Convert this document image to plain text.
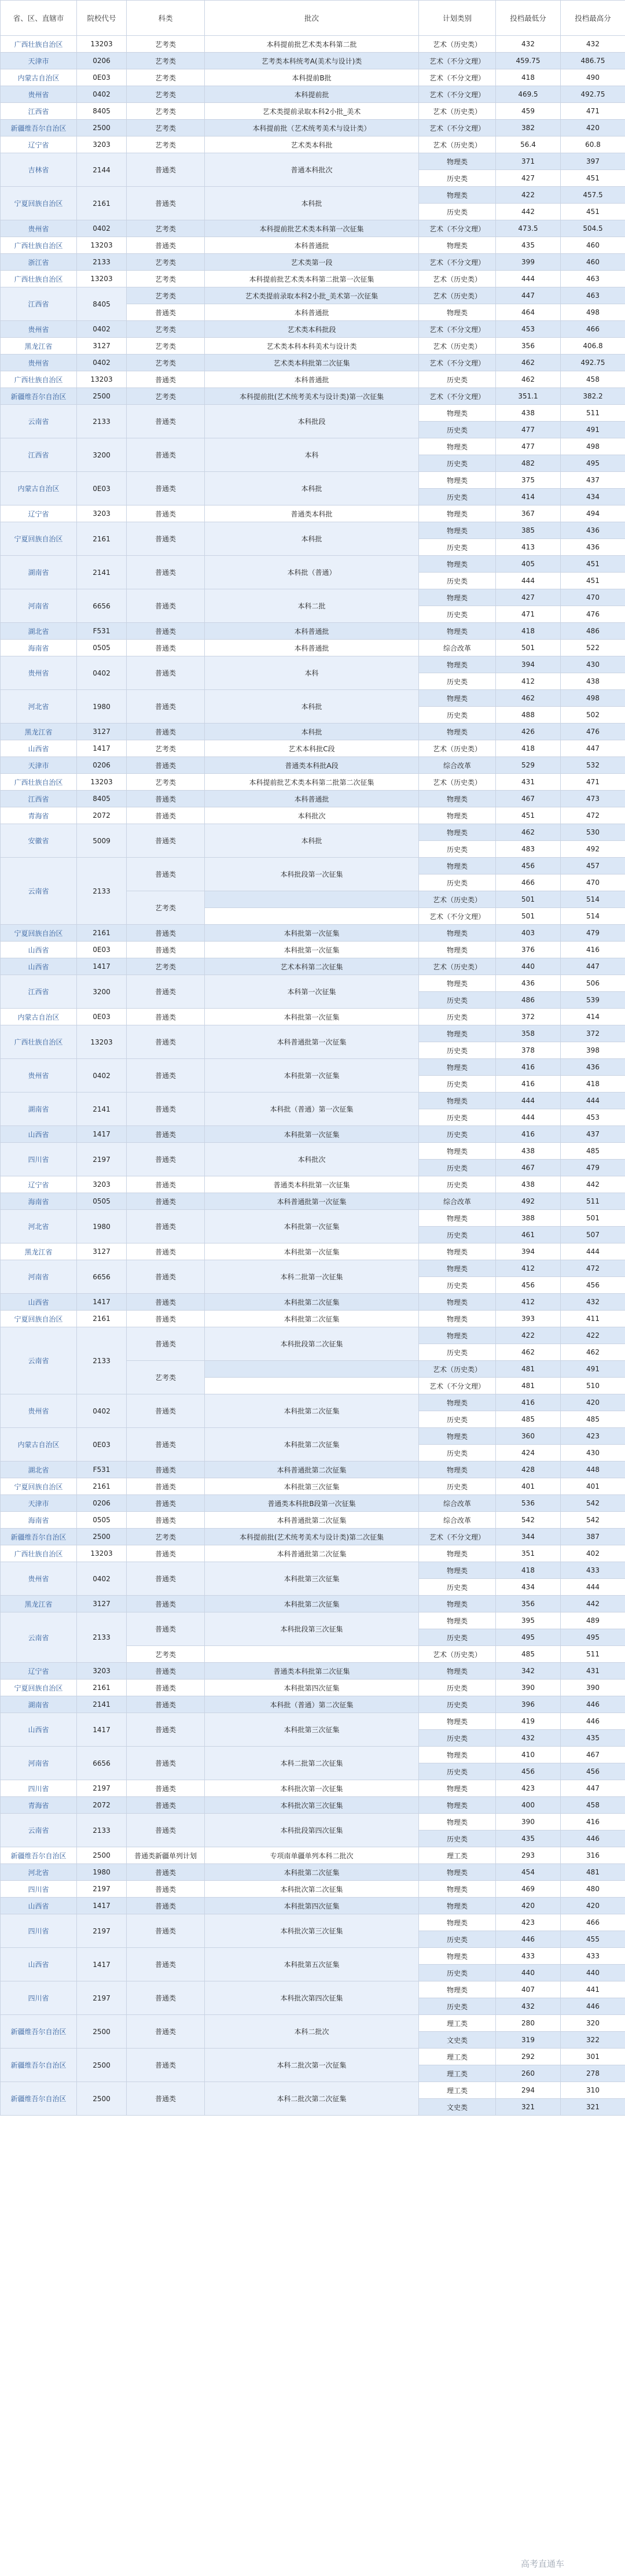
省、区、直辖市	院校代号	科类	批次	计划类别	投档最低分	投档最高分
广西壮族自治区	13203	艺考类	本科提前批艺术类本科第二批	艺术（历史类）	432	432
天津市	0206	艺考类	艺考类本科统考A(美术与设计)类	艺术（不分文理）	459.75	486.75
内蒙古自治区	0E03	艺考类	本科提前B批	艺术（不分文理）	418	490
贵州省	0402	艺考类	本科提前批	艺术（不分文理）	469.5	492.75
江西省	8405	艺考类	艺术类提前录取本科2小批_美术	艺术（历史类）	459	471
新疆维吾尔自治区	2500	艺考类	本科提前批（艺术统考美术与设计类）	艺术（不分文理）	382	420
辽宁省	3203	艺考类	艺术类本科批	艺术（历史类）	56.4	60.8
吉林省	2144	普通类	普通本科批次	物理类	371	397
				历史类	427	451
宁夏回族自治区	2161	普通类	本科批	物理类	422	457.5
				历史类	442	451
贵州省	0402	艺考类	本科提前批艺术类本科第一次征集	艺术（不分文理）	473.5	504.5
广西壮族自治区	13203	普通类	本科普通批	物理类	435	460
浙江省	2133	艺考类	艺术类第一段	艺术（不分文理）	399	460
广西壮族自治区	13203	艺考类	本科提前批艺术类本科第二批第一次征集	艺术（历史类）	444	463
江西省	8405	艺考类	艺术类提前录取本科2小批_美术第一次征集	艺术（历史类）	447	463
		普通类	本科普通批	物理类	464	498
贵州省	0402	艺考类	艺术类本科批段	艺术（不分文理）	453	466
黑龙江省	3127	艺考类	艺术类本科本科美术与设计类	艺术（历史类）	356	406.8
贵州省	0402	艺考类	艺术类本科批第二次征集	艺术（不分文理）	462	492.75
广西壮族自治区	13203	普通类	本科普通批	历史类	462	458
新疆维吾尔自治区	2500	艺考类	本科提前批(艺术统考美术与设计类)第一次征集	艺术（不分文理）	351.1	382.2
云南省	2133	普通类	本科批段	物理类	438	511
				历史类	477	491
江西省	3200	普通类	本科	物理类	477	498
				历史类	482	495
内蒙古自治区	0E03	普通类	本科批	物理类	375	437
				历史类	414	434
辽宁省	3203	普通类	普通类本科批	物理类	367	494
宁夏回族自治区	2161	普通类	本科批	物理类	385	436
				历史类	413	436
湖南省	2141	普通类	本科批（普通）	物理类	405	451
				历史类	444	451
河南省	6656	普通类	本科二批	物理类	427	470
				历史类	471	476
湖北省	F531	普通类	本科普通批	物理类	418	486
海南省	0505	普通类	本科普通批	综合改革	501	522
贵州省	0402	普通类	本科	物理类	394	430
				历史类	412	438
河北省	1980	普通类	本科批	物理类	462	498
				历史类	488	502
黑龙江省	3127	普通类	本科批	物理类	426	476
山西省	1417	艺考类	艺术本科批C段	艺术（历史类）	418	447
天津市	0206	普通类	普通类本科批A段	综合改革	529	532
广西壮族自治区	13203	艺考类	本科提前批艺术类本科第二批第二次征集	艺术（历史类）	431	471
江西省	8405	普通类	本科普通批	物理类	467	473
青海省	2072	普通类	本科批次	物理类	451	472
安徽省	5009	普通类	本科批	物理类	462	530
				历史类	483	492
云南省	2133	普通类	本科批段第一次征集	物理类	456	457
				历史类	466	470
		艺考类		艺术（历史类）	501	514
				艺术（不分文理）	501	514
宁夏回族自治区	2161	普通类	本科批第一次征集	物理类	403	479
山西省	0E03	普通类	本科批第一次征集	物理类	376	416
山西省	1417	艺考类	艺术本科第二次征集	艺术（历史类）	440	447
江西省	3200	普通类	本科第一次征集	物理类	436	506
				历史类	486	539
内蒙古自治区	0E03	普通类	本科批第一次征集	历史类	372	414
广西壮族自治区	13203	普通类	本科普通批第一次征集	物理类	358	372
				历史类	378	398
贵州省	0402	普通类	本科批第一次征集	物理类	416	436
				历史类	416	418
湖南省	2141	普通类	本科批（普通）第一次征集	物理类	444	444
				历史类	444	453
山西省	1417	普通类	本科批第一次征集	历史类	416	437
四川省	2197	普通类	本科批次	物理类	438	485
				历史类	467	479
辽宁省	3203	普通类	普通类本科批第一次征集	历史类	438	442
海南省	0505	普通类	本科普通批第一次征集	综合改革	492	511
河北省	1980	普通类	本科批第一次征集	物理类	388	501
				历史类	461	507
黑龙江省	3127	普通类	本科批第一次征集	物理类	394	444
河南省	6656	普通类	本科二批第一次征集	物理类	412	472
				历史类	456	456
山西省	1417	普通类	本科批第二次征集	物理类	412	432
宁夏回族自治区	2161	普通类	本科批第二次征集	物理类	393	411
云南省	2133	普通类	本科批段第二次征集	物理类	422	422
				历史类	462	462
		艺考类		艺术（历史类）	481	491
				艺术（不分文理）	481	510
贵州省	0402	普通类	本科批第二次征集	物理类	416	420
				历史类	485	485
内蒙古自治区	0E03	普通类	本科批第二次征集	物理类	360	423
				历史类	424	430
湖北省	F531	普通类	本科普通批第二次征集	物理类	428	448
宁夏回族自治区	2161	普通类	本科批第三次征集	历史类	401	401
天津市	0206	普通类	普通类本科批B段第一次征集	综合改革	536	542
海南省	0505	普通类	本科普通批第二次征集	综合改革	542	542
新疆维吾尔自治区	2500	艺考类	本科提前批(艺术统考美术与设计类)第二次征集	艺术（不分文理）	344	387
广西壮族自治区	13203	普通类	本科普通批第二次征集	物理类	351	402
贵州省	0402	普通类	本科批第三次征集	物理类	418	433
				历史类	434	444
黑龙江省	3127	普通类	本科批第二次征集	物理类	356	442
云南省	2133	普通类	本科批段第三次征集	物理类	395	489
				历史类	495	495
		艺考类		艺术（历史类）	485	511
辽宁省	3203	普通类	普通类本科批第二次征集	物理类	342	431
宁夏回族自治区	2161	普通类	本科批第四次征集	历史类	390	390
湖南省	2141	普通类	本科批（普通）第二次征集	历史类	396	446
山西省	1417	普通类	本科批第三次征集	物理类	419	446
				历史类	432	435
河南省	6656	普通类	本科二批第二次征集	物理类	410	467
				历史类	456	456
四川省	2197	普通类	本科批次第一次征集	物理类	423	447
青海省	2072	普通类	本科批次第三次征集	物理类	400	458
云南省	2133	普通类	本科批段第四次征集	物理类	390	416
				历史类	435	446
新疆维吾尔自治区	2500	普通类新疆单列计划	专项南单疆单列本科二批次	理工类	293	316
河北省	1980	普通类	本科批第二次征集	物理类	454	481
四川省	2197	普通类	本科批次第二次征集	物理类	469	480
山西省	1417	普通类	本科批第四次征集	物理类	420	420
四川省	2197	普通类	本科批次第三次征集	物理类	423	466
				历史类	446	455
山西省	1417	普通类	本科批第五次征集	物理类	433	433
				历史类	440	440
四川省	2197	普通类	本科批次第四次征集	物理类	407	441
				历史类	432	446
新疆维吾尔自治区	2500	普通类	本科二批次	理工类	280	320
				文史类	319	322
新疆维吾尔自治区	2500	普通类	本科二批次第一次征集	理工类	292	301
				理工类	260	278
新疆维吾尔自治区	2500	普通类	本科二批次第二次征集	理工类	294	310
				文史类	321	321
高考直通车
